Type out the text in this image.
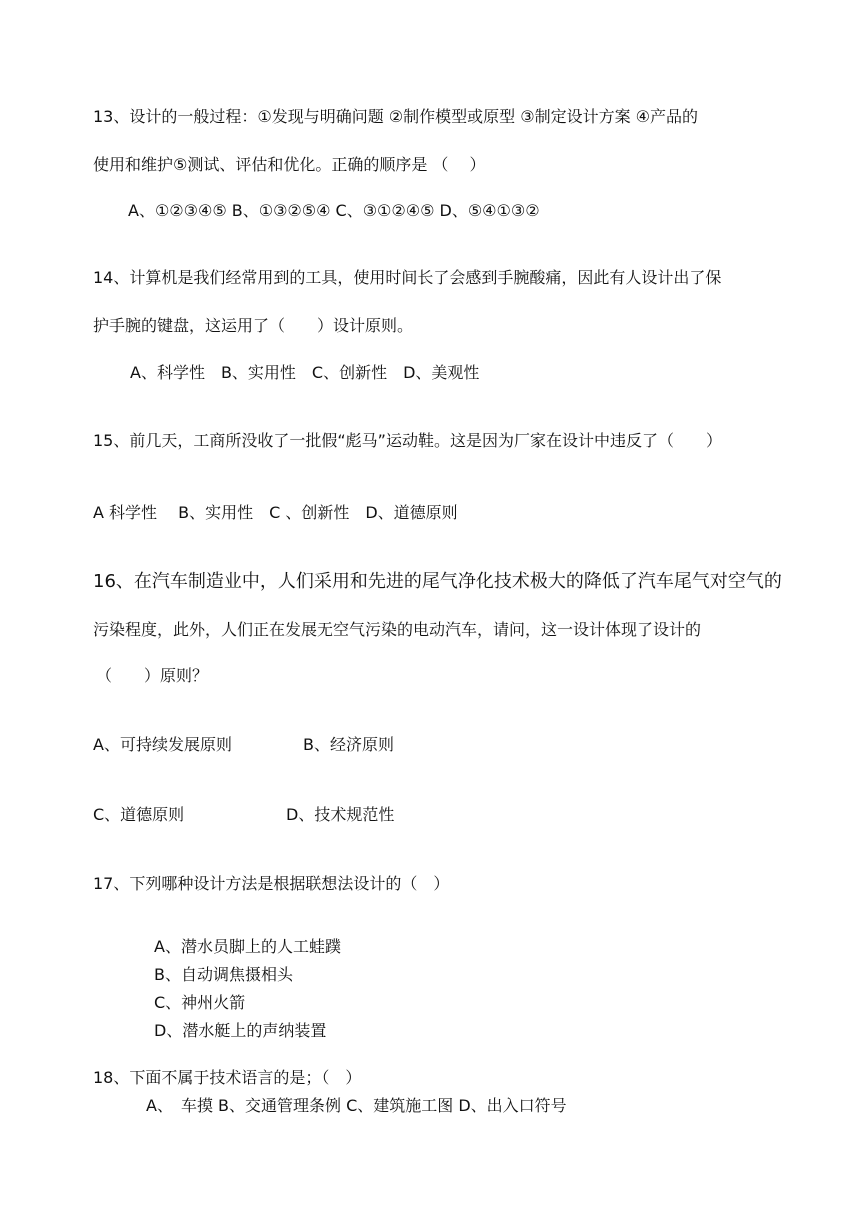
13、设计的一般过程：①发现与明确问题 ②制作模型或原型 ③制定设计方案 ④产品的
使用和维护⑤测试、评估和优化。正确的顺序是 （　 ）
A、①②③④⑤ B、①③②⑤④ C、③①②④⑤ D、⑤④①③②
14、计算机是我们经常用到的工具，使用时间长了会感到手腕酸痛，因此有人设计出了保
护手腕的键盘，这运用了（　　）设计原则。
A、科学性　B、实用性　C、创新性　D、美观性
15、前几天，工商所没收了一批假“彪马”运动鞋。这是因为厂家在设计中违反了（　　）
A 科学性　 B、实用性　C 、创新性　D、道德原则
16、在汽车制造业中，人们采用和先进的尾气净化技术极大的降低了汽车尾气对空气的
污染程度，此外，人们正在发展无空气污染的电动汽车，请问，这一设计体现了设计的
（　　）原则？
A、可持续发展原则	B、经济原则
C、道德原则	D、技术规范性
17、下列哪种设计方法是根据联想法设计的（　）
A、潜水员脚上的人工蛙蹼
B、自动调焦摄相头
C、神州火箭
D、潜水艇上的声纳装置
18、下面不属于技术语言的是；（　）
A、　车摸 B、交通管理条例 C、建筑施工图 D、出入口符号
